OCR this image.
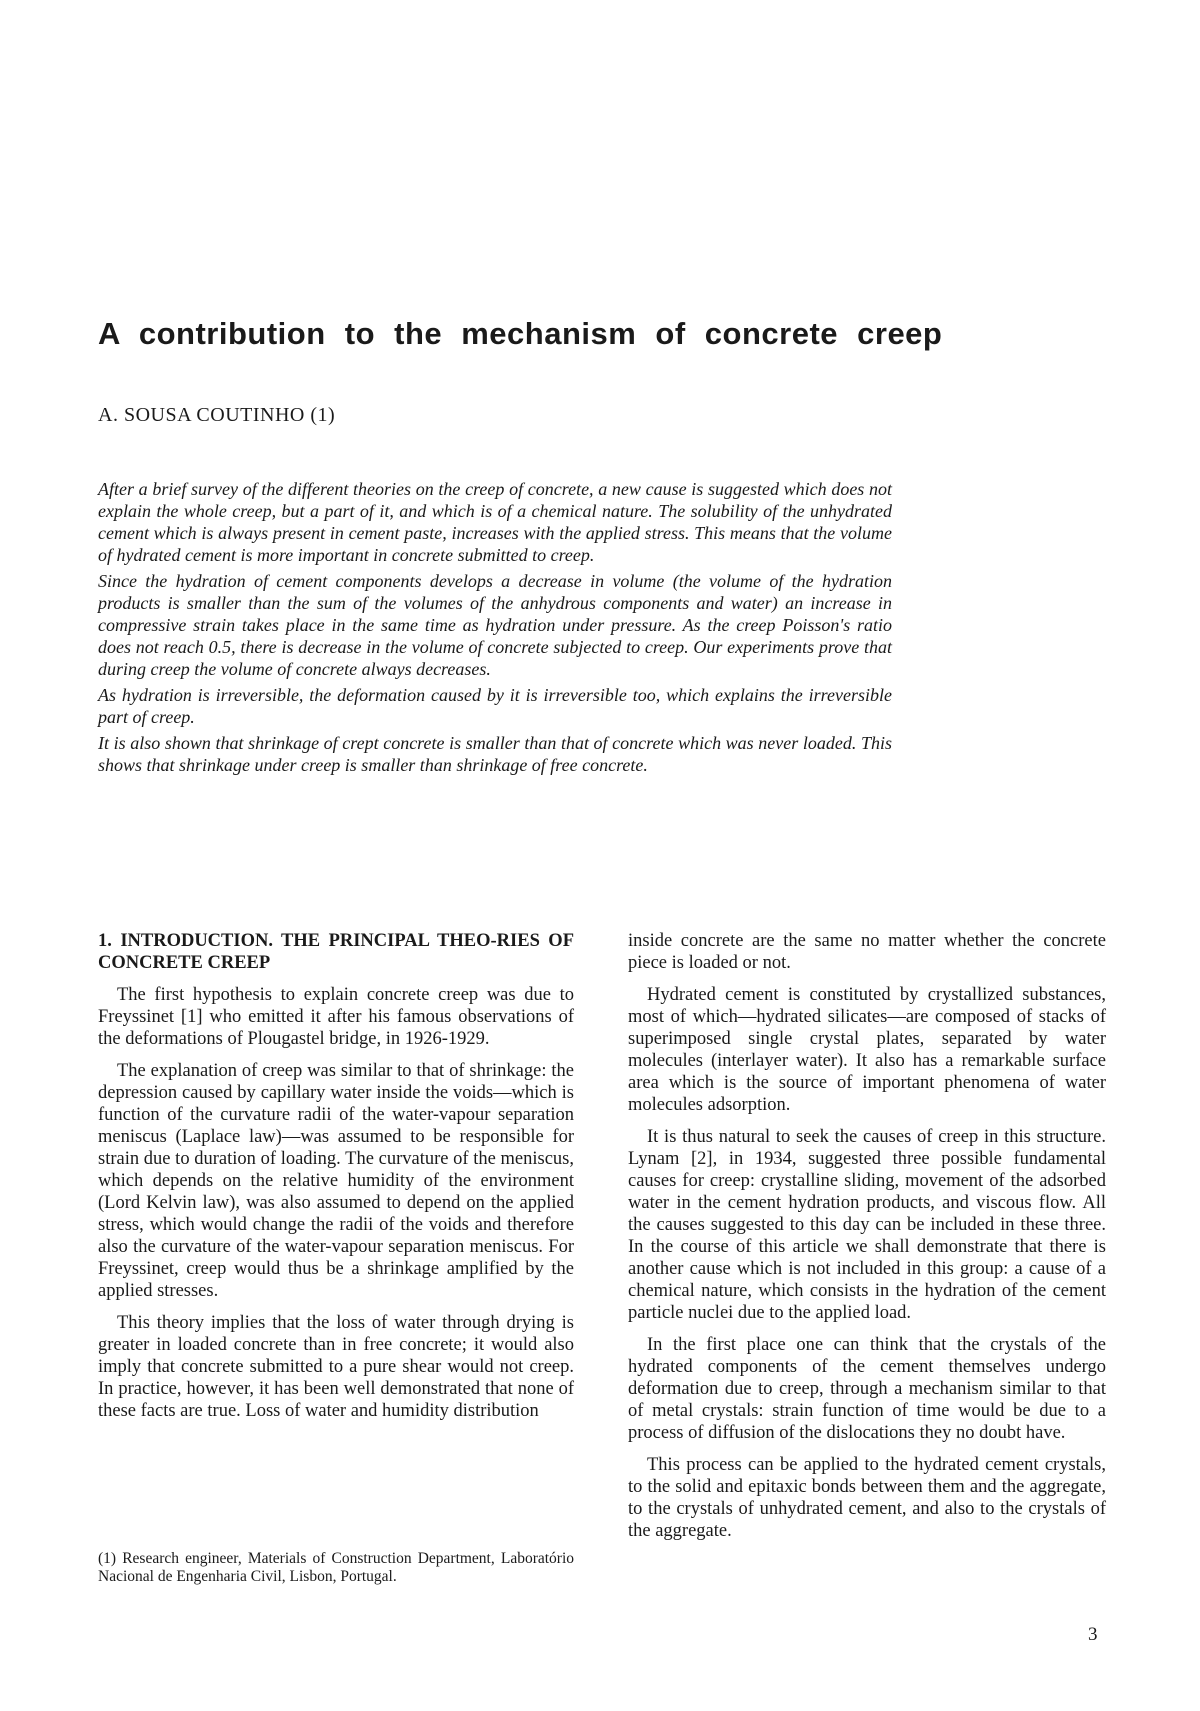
A contribution to the mechanism of concrete creep

A. SOUSA COUTINHO (1)

After a brief survey of the different theories on the creep of concrete, a new cause is suggested which does not explain the whole creep, but a part of it, and which is of a chemical nature. The solubility of the unhydrated cement which is always present in cement paste, increases with the applied stress. This means that the volume of hydrated cement is more important in concrete submitted to creep.

Since the hydration of cement components develops a decrease in volume (the volume of the hydration products is smaller than the sum of the volumes of the anhydrous components and water) an increase in compressive strain takes place in the same time as hydration under pressure. As the creep Poisson's ratio does not reach 0.5, there is decrease in the volume of concrete subjected to creep. Our experiments prove that during creep the volume of concrete always decreases.

As hydration is irreversible, the deformation caused by it is irreversible too, which explains the irreversible part of creep.

It is also shown that shrinkage of crept concrete is smaller than that of concrete which was never loaded. This shows that shrinkage under creep is smaller than shrinkage of free concrete.

1. INTRODUCTION. THE PRINCIPAL THEO-RIES OF CONCRETE CREEP

The first hypothesis to explain concrete creep was due to Freyssinet [1] who emitted it after his famous observations of the deformations of Plougastel bridge, in 1926-1929.

The explanation of creep was similar to that of shrinkage: the depression caused by capillary water inside the voids—which is function of the curvature radii of the water-vapour separation meniscus (Laplace law)—was assumed to be responsible for strain due to duration of loading. The curvature of the meniscus, which depends on the relative humidity of the environment (Lord Kelvin law), was also assumed to depend on the applied stress, which would change the radii of the voids and therefore also the curvature of the water-vapour separation meniscus. For Freyssinet, creep would thus be a shrinkage amplified by the applied stresses.

This theory implies that the loss of water through drying is greater in loaded concrete than in free concrete; it would also imply that concrete submitted to a pure shear would not creep. In practice, however, it has been well demonstrated that none of these facts are true. Loss of water and humidity distribution

inside concrete are the same no matter whether the concrete piece is loaded or not.

Hydrated cement is constituted by crystallized substances, most of which—hydrated silicates—are composed of stacks of superimposed single crystal plates, separated by water molecules (interlayer water). It also has a remarkable surface area which is the source of important phenomena of water molecules adsorption.

It is thus natural to seek the causes of creep in this structure. Lynam [2], in 1934, suggested three possible fundamental causes for creep: crystalline sliding, movement of the adsorbed water in the cement hydration products, and viscous flow. All the causes suggested to this day can be included in these three. In the course of this article we shall demonstrate that there is another cause which is not included in this group: a cause of a chemical nature, which consists in the hydration of the cement particle nuclei due to the applied load.

In the first place one can think that the crystals of the hydrated components of the cement themselves undergo deformation due to creep, through a mechanism similar to that of metal crystals: strain function of time would be due to a process of diffusion of the dislocations they no doubt have.

This process can be applied to the hydrated cement crystals, to the solid and epitaxic bonds between them and the aggregate, to the crystals of unhydrated cement, and also to the crystals of the aggregate.

(1) Research engineer, Materials of Construction Department, Laboratório Nacional de Engenharia Civil, Lisbon, Portugal.

3
